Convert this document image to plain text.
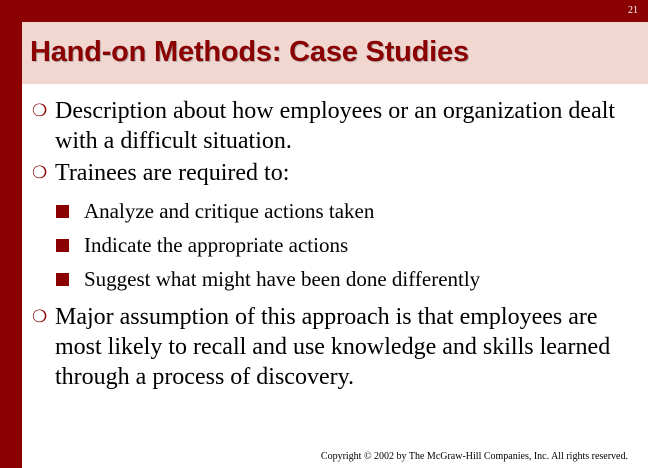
21
Hand-on Methods: Case Studies
❍ Description about how employees or an organization dealt with a difficult situation.
❍ Trainees are required to:
Analyze and critique actions taken
Indicate the appropriate actions
Suggest what might have been done differently
❍ Major assumption of this approach is that employees are most likely to recall and use knowledge and skills learned through a process of discovery.
Copyright © 2002 by The McGraw-Hill Companies, Inc. All rights reserved.
